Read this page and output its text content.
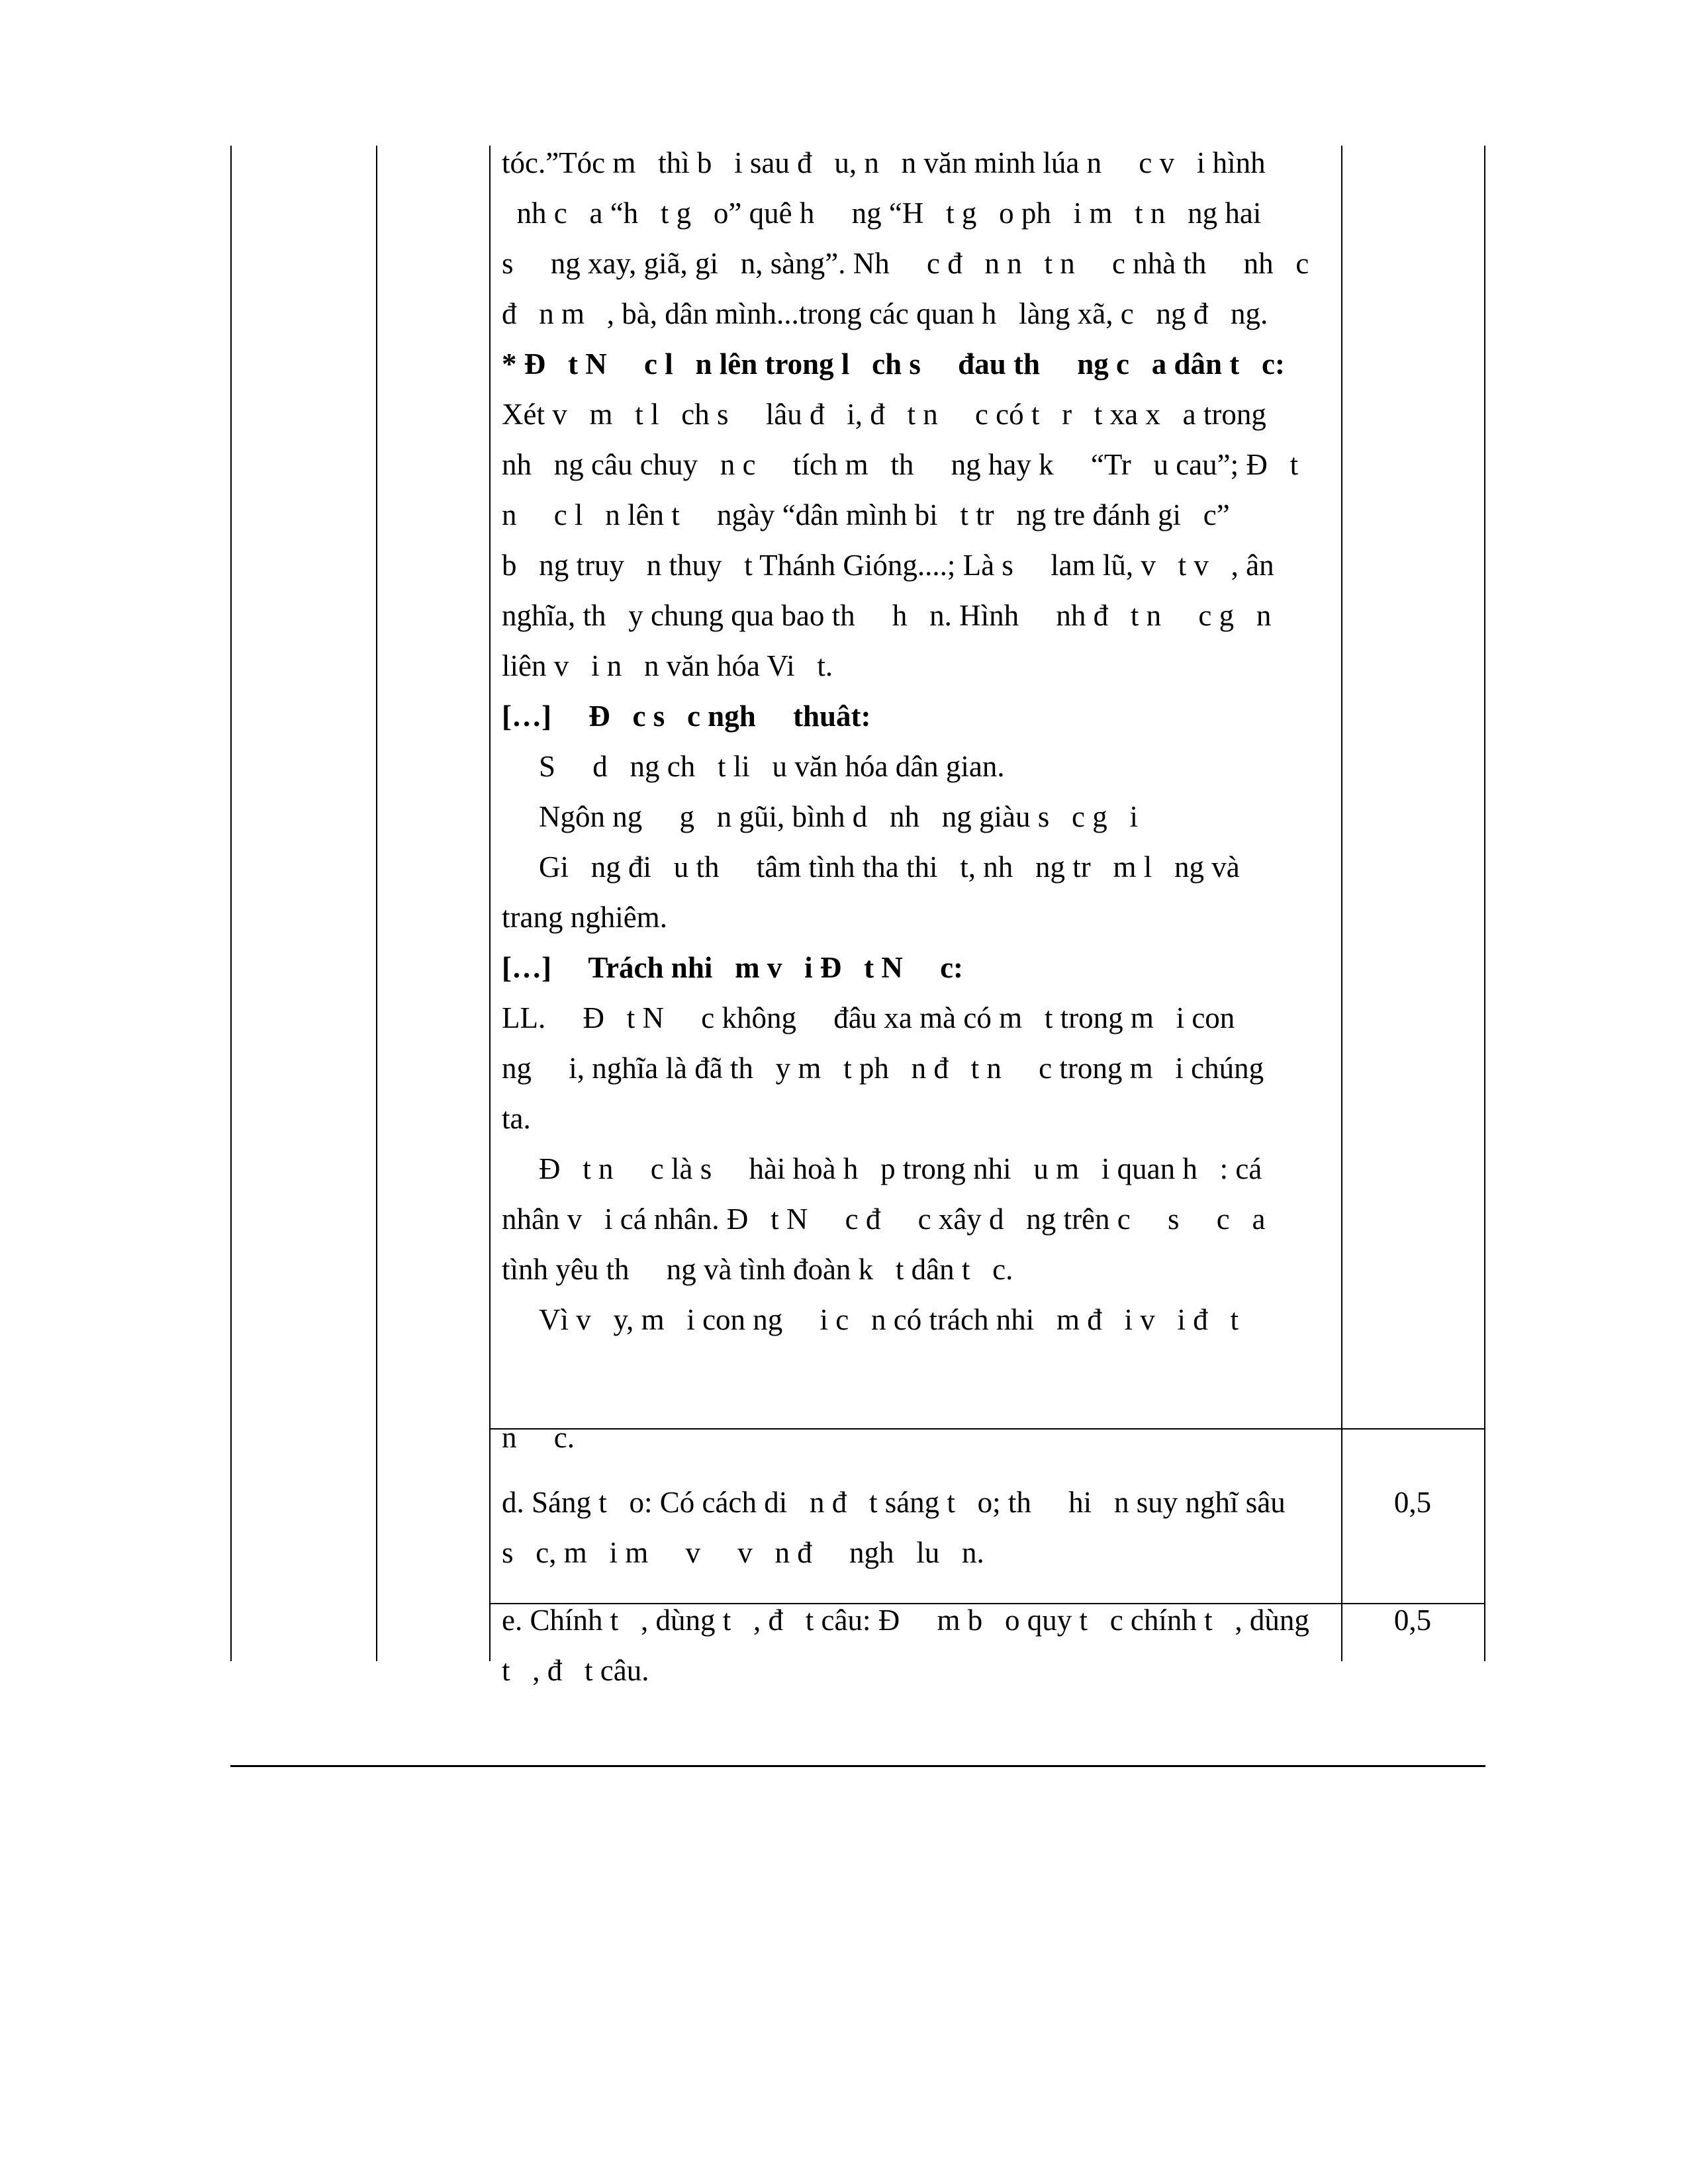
tóc.”Tóc m   thì b   i sau đ   u, n   n văn minh lúa n     c v   i hình
nh c   a “h   t g   o” quê h     ng “H   t g   o ph   i m   t n   ng hai
s     ng xay, giã, gi   n, sàng”. Nh     c đ   n n   t n     c nhà th     nh   c
đ   n m   , bà, dân mình...trong các quan h   làng xã, c   ng đ   ng.
* Đ   t N     c l   n lên trong l   ch s     đau th     ng c   a dân t   c:
Xét v   m   t l   ch s     lâu đ   i, đ   t n     c có t   r   t xa x   a trong
nh   ng câu chuy   n c     tích m   th     ng hay k     “Tr   u cau”; Đ   t
n     c l   n lên t     ngày “dân mình bi   t tr   ng tre đánh gi   c”
b   ng truy   n thuy   t Thánh Gióng....; Là s     lam lũ, v   t v   , ân
nghĩa, th   y chung qua bao th     h   n. Hình     nh đ   t n     c g   n
liên v   i n   n văn hóa Vi   t.
[…]     Đ   c s   c ngh     thuât:
S     d   ng ch   t li   u văn hóa dân gian.
Ngôn ng     g   n gũi, bình d   nh   ng giàu s   c g   i
Gi   ng đi   u th     tâm tình tha thi   t, nh   ng tr   m l   ng và
trang nghiêm.
[…]     Trách nhi   m v   i Đ   t N     c:
LL.     Đ   t N     c không     đâu xa mà có m   t trong m   i con
ng     i, nghĩa là đã th   y m   t ph   n đ   t n     c trong m   i chúng
ta.
Đ   t n     c là s     hài hoà h   p trong nhi   u m   i quan h   : cá
nhân v   i cá nhân. Đ   t N     c đ     c xây d   ng trên c     s     c   a
tình yêu th     ng và tình đoàn k   t dân t   c.
Vì v   y, m   i con ng     i c   n có trách nhi   m đ   i v   i đ   t
n     c.
d. Sáng t   o: Có cách di   n đ   t sáng t   o; th     hi   n suy nghĩ sâu
s   c, m   i m     v     v   n đ     ngh   lu   n.
0,5
e. Chính t   , dùng t   , đ   t câu: Đ     m b   o quy t   c chính t   , dùng
t   , đ   t câu.
0,5
